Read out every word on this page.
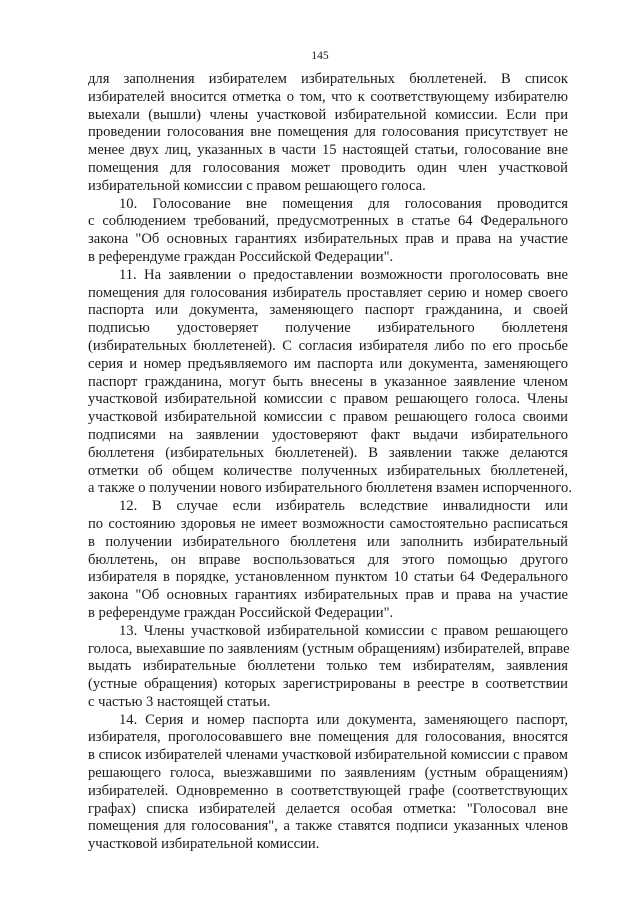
145
для заполнения избирателем избирательных бюллетеней. В список
избирателей вносится отметка о том, что к соответствующему избирателю
выехали (вышли) члены участковой избирательной комиссии. Если при
проведении голосования вне помещения для голосования присутствует не
менее двух лиц, указанных в части 15 настоящей статьи, голосование вне
помещения для голосования может проводить один член участковой
избирательной комиссии с правом решающего голоса.
10. Голосование вне помещения для голосования проводится
с соблюдением требований, предусмотренных в статье 64 Федерального
закона "Об основных гарантиях избирательных прав и права на участие
в референдуме граждан Российской Федерации".
11. На заявлении о предоставлении возможности проголосовать вне
помещения для голосования избиратель проставляет серию и номер своего
паспорта или документа, заменяющего паспорт гражданина, и своей
подписью удостоверяет получение избирательного бюллетеня
(избирательных бюллетеней). С согласия избирателя либо по его просьбе
серия и номер предъявляемого им паспорта или документа, заменяющего
паспорт гражданина, могут быть внесены в указанное заявление членом
участковой избирательной комиссии с правом решающего голоса. Члены
участковой избирательной комиссии с правом решающего голоса своими
подписями на заявлении удостоверяют факт выдачи избирательного
бюллетеня (избирательных бюллетеней). В заявлении также делаются
отметки об общем количестве полученных избирательных бюллетеней,
а также о получении нового избирательного бюллетеня взамен испорченного.
12. В случае если избиратель вследствие инвалидности или
по состоянию здоровья не имеет возможности самостоятельно расписаться
в получении избирательного бюллетеня или заполнить избирательный
бюллетень, он вправе воспользоваться для этого помощью другого
избирателя в порядке, установленном пунктом 10 статьи 64 Федерального
закона "Об основных гарантиях избирательных прав и права на участие
в референдуме граждан Российской Федерации".
13. Члены участковой избирательной комиссии с правом решающего
голоса, выехавшие по заявлениям (устным обращениям) избирателей, вправе
выдать избирательные бюллетени только тем избирателям, заявления
(устные обращения) которых зарегистрированы в реестре в соответствии
с частью 3 настоящей статьи.
14. Серия и номер паспорта или документа, заменяющего паспорт,
избирателя, проголосовавшего вне помещения для голосования, вносятся
в список избирателей членами участковой избирательной комиссии с правом
решающего голоса, выезжавшими по заявлениям (устным обращениям)
избирателей. Одновременно в соответствующей графе (соответствующих
графах) списка избирателей делается особая отметка: "Голосовал вне
помещения для голосования", а также ставятся подписи указанных членов
участковой избирательной комиссии.
